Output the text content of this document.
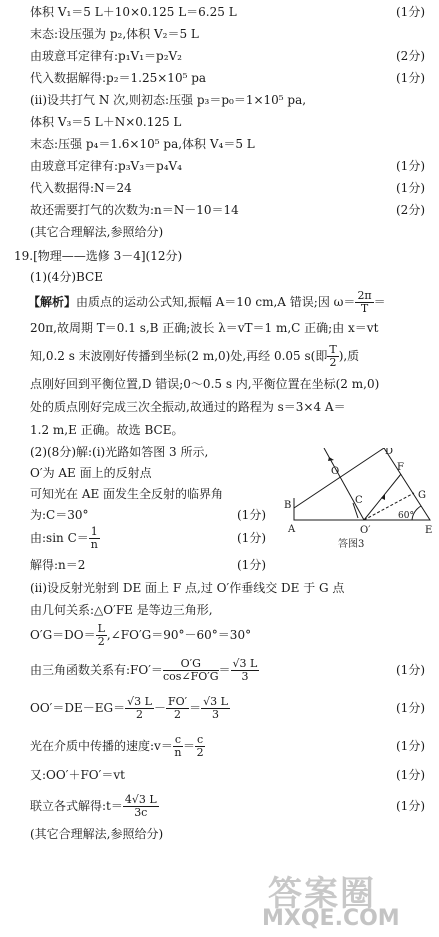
19.[物理——选修 3－4](12分)
(1)(4分)BCE
【解析】由质点的运动公式知,振幅 A＝10 cm,A 错误;因 $\omega= \frac{2\pi}{T}$ ＝
20π,故周期 T＝0.1 s,B 正确;波长 λ＝vT＝1 m,C 正确;由 x＝vt
知,0.2 s 末波刚好传播到坐标(2 m,0)处,再经 0.05 s(即 $\frac{T}{2}$ ),质
点刚好回到平衡位置,D 错误;0～0.5 s 内,平衡位置在坐标(2 m,0)
处的质点刚好完成三次全振动,故通过的路程为 s＝3×4 A＝
1.2 m,E 正确。故选 BCE。
(2)(8分)解:(ⅰ)光路如答图 3 所示,
O′为 AE 面上的反射点
可知光在 AE 面发生全反射的临界角
为:C＝30°	(1分)
由:sin $C= \frac{1}{n}$	(1分)
解得:n＝2	(1分)
(ⅱ)设反射光射到 DE 面上 F 点,过 O′作垂线交 DE 于 G 点
由几何关系:△O′FE 是等边三角形,
$O'G=DO= \frac{L}{2}$ ,∠FO′G＝90°－60°＝30°
由三角函数关系有:FO′＝ $\frac{O'G}{\cos\angle FO'G} = \frac{√3 L}{3}$	(1分)
$OO'=DE-EG= \frac{√3 L}{2} - \frac{FO'}{2} = \frac{√3 L}{3}$	(1分)
光在介质中传播的速度:v＝ $\frac{c}{n} = \frac{c}{2}$	(1分)
又:OO′＋FO′＝vt	(1分)
联立各式解得:t＝ $\frac{4√3 L}{3c}$	(1分)
(其它合理解法,参照给分)
D
O	F
B	C	G
A	O′	E
60°
答图3
答案圈
MXQE.COM
体积 V₁＝5 L＋10×0.125 L＝6.25 L	(1分)
末态:设压强为 p₂,体积 V₂＝5 L
由玻意耳定律有:p₁V₁＝p₂V₂	(2分)
代入数据解得:p₂＝1.25×10⁵ pa	(1分)
(ⅱ)设共打气 N 次,则初态:压强 p₃＝p₀＝1×10⁵ pa,
体积 V₃＝5 L＋N×0.125 L
末态:压强 p₄＝1.6×10⁵ pa,体积 V₄＝5 L
由玻意耳定律有:p₃V₃＝p₄V₄	(1分)
代入数据得:N＝24	(1分)
故还需要打气的次数为:n＝N－10＝14	(2分)
(其它合理解法,参照给分)
